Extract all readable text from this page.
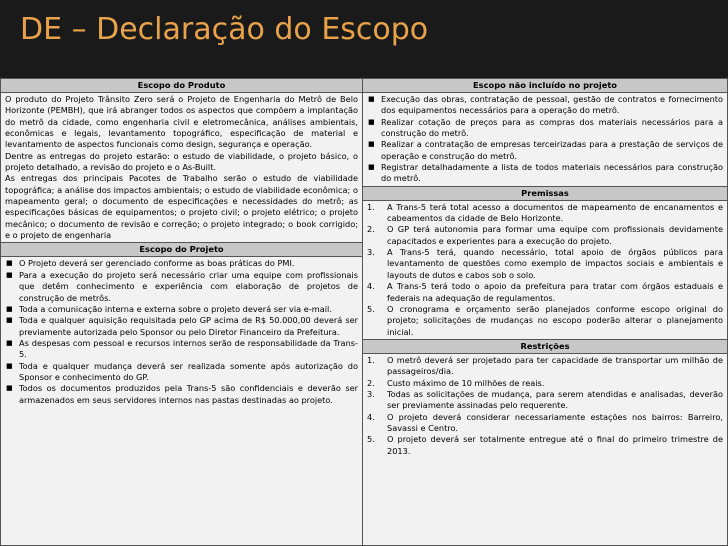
DE – Declaração do Escopo
Escopo do Produto

O produto do Projeto Trânsito Zero será o Projeto de Engenharia do Metrô de Belo Horizonte (PEMBH), que irá abranger todos os aspectos que compõem a implantação do metrô da cidade, como engenharia civil e eletromecânica, análises ambientais, econômicas e legais, levantamento topográfico, especificação de material e levantamento de aspectos funcionais como design, segurança e operação.

Dentre as entregas do projeto estarão: o estudo de viabilidade, o projeto básico, o projeto detalhado, a revisão do projeto e o As-Built.

As entregas dos principais Pacotes de Trabalho serão o estudo de viabilidade topográfica; a análise dos impactos ambientais; o estudo de viabilidade econômica; o mapeamento geral; o documento de especificações e necessidades do metrô; as especificações básicas de equipamentos; o projeto civil; o projeto elétrico; o projeto mecânico; o documento de revisão e correção; o projeto integrado; o book corrigido; e o projeto de engenharia

Escopo do Projeto
■ O Projeto deverá ser gerenciado conforme as boas práticas do PMI.
■ Para a execução do projeto será necessário criar uma equipe com profissionais que detêm conhecimento e experiência com elaboração de projetos de construção de metrôs.
■ Toda a comunicação interna e externa sobre o projeto deverá ser via e-mail.
■ Toda e qualquer aquisição requisitada pelo GP acima de R$ 50.000,00 deverá ser previamente autorizada pelo Sponsor ou pelo Diretor Financeiro da Prefeitura.
■ As despesas com pessoal e recursos internos serão de responsabilidade da Trans-5.
■ Toda e qualquer mudança deverá ser realizada somente após autorização do Sponsor e conhecimento do GP.
■ Todos os documentos produzidos pela Trans-5 são confidenciais e deverão ser armazenados em seus servidores internos nas pastas destinadas ao projeto.
Escopo não incluído no projeto
■ Execução das obras, contratação de pessoal, gestão de contratos e fornecimento dos equipamentos necessários para a operação do metrô.
■ Realizar cotação de preços para as compras dos materiais necessários para a construção do metrô.
■ Realizar a contratação de empresas terceirizadas para a prestação de serviços de operação e construção do metrô.
■ Registrar detalhadamente a lista de todos materiais necessários para construção do metrô.
Premissas
1. A Trans-5 terá total acesso a documentos de mapeamento de encanamentos e cabeamentos da cidade de Belo Horizonte.
2. O GP terá autonomia para formar uma equipe com profissionais devidamente capacitados e experientes para a execução do projeto.
3. A Trans-5 terá, quando necessário, total apoio de órgãos públicos para levantamento de questões como exemplo de impactos sociais e ambientais e layouts de dutos e cabos sob o solo.
4. A Trans-5 terá todo o apoio da prefeitura para tratar com órgãos estaduais e federais na adequação de regulamentos.
5. O cronograma e orçamento serão planejados conforme escopo original do projeto; solicitações de mudanças no escopo poderão alterar o planejamento inicial.
Restrições
1. O metrô deverá ser projetado para ter capacidade de transportar um milhão de passageiros/dia.
2. Custo máximo de 10 milhões de reais.
3. Todas as solicitações de mudança, para serem atendidas e analisadas, deverão ser previamente assinadas pelo requerente.
4. O projeto deverá considerar necessariamente estações nos bairros: Barreiro, Savassi e Centro.
5. O projeto deverá ser totalmente entregue até o final do primeiro trimestre de 2013.
